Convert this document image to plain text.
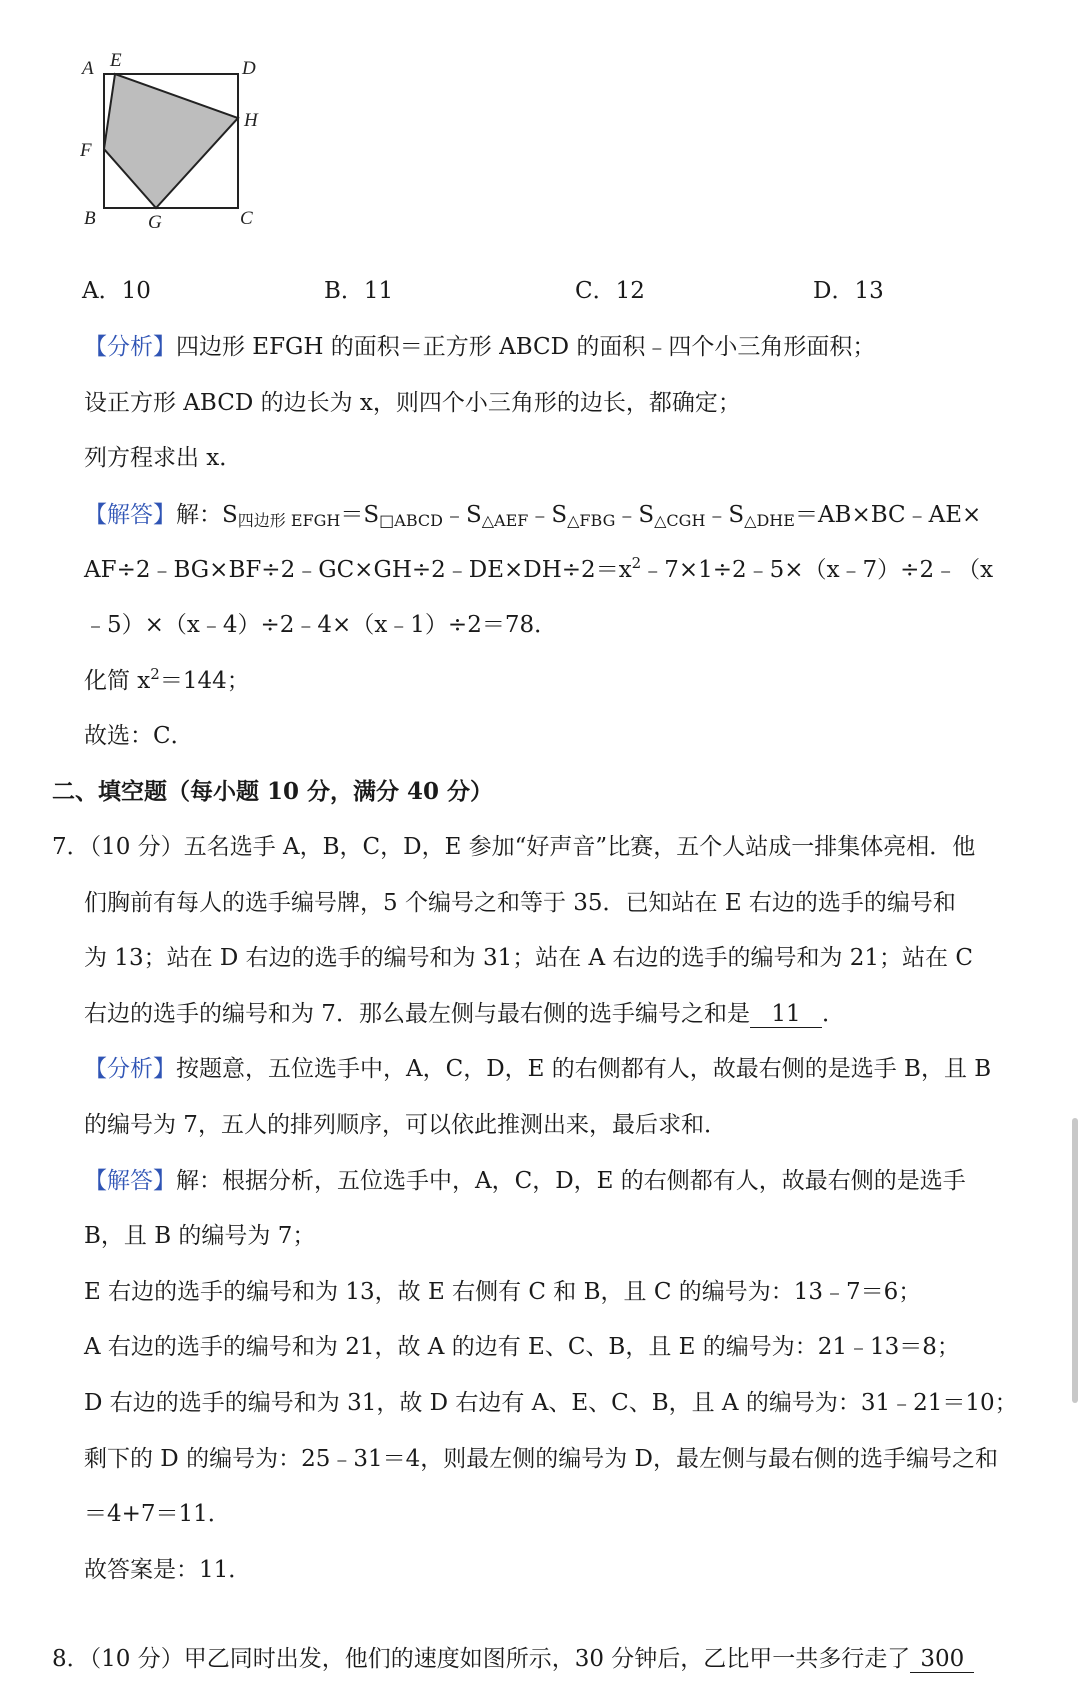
A E	D
H
F
B	G	C
A．10	B．11	C．12	D．13
【分析】四边形 EFGH 的面积＝正方形 ABCD 的面积﹣四个小三角形面积；
设正方形 ABCD 的边长为 x，则四个小三角形的边长，都确定；
列方程求出 x．
【解答】解：$S_{四边形 EFGH}=S_{□ABCD}﹣S_{\triangle AEF}﹣S_{\triangle FBG}﹣S_{\triangle CGH}﹣S_{\triangle DHE}=AB\times BC﹣AE\times$
$AF\div 2﹣BG\times BF\div 2﹣GC\times GH\div 2﹣DE\times DH\div 2=x^2﹣7\times 1\div 2﹣5\times(x﹣7)\div 2﹣(x$
﹣5）×（x﹣4）÷2﹣4×（x﹣1）÷2＝78．
化简 $x^2=144$；
故选：C．
二、填空题（每小题 10 分，满分 40 分）
7．（10 分）五名选手 A，B，C，D，E 参加“好声音”比赛，五个人站成一排集体亮相．他
们胸前有每人的选手编号牌，5 个编号之和等于 35．已知站在 E 右边的选手的编号和
为 13；站在 D 右边的选手的编号和为 31；站在 A 右边的选手的编号和为 21；站在 C
右边的选手的编号和为 7．那么最左侧与最右侧的选手编号之和是 11 ．
【分析】按题意，五位选手中，A，C，D，E 的右侧都有人，故最右侧的是选手 B，且 B
的编号为 7，五人的排列顺序，可以依此推测出来，最后求和．
【解答】解：根据分析，五位选手中，A，C，D，E 的右侧都有人，故最右侧的是选手
B，且 B 的编号为 7；
E 右边的选手的编号和为 13，故 E 右侧有 C 和 B，且 C 的编号为：13﹣7＝6；
A 右边的选手的编号和为 21，故 A 的边有 E、C、B，且 E 的编号为：21﹣13＝8；
D 右边的选手的编号和为 31，故 D 右边有 A、E、C、B，且 A 的编号为：31﹣21＝10；
剩下的 D 的编号为：25﹣31＝4，则最左侧的编号为 D，最左侧与最右侧的选手编号之和
＝4+7＝11．
故答案是：11．
8．（10 分）甲乙同时出发，他们的速度如图所示，30 分钟后，乙比甲一共多行走了 300
